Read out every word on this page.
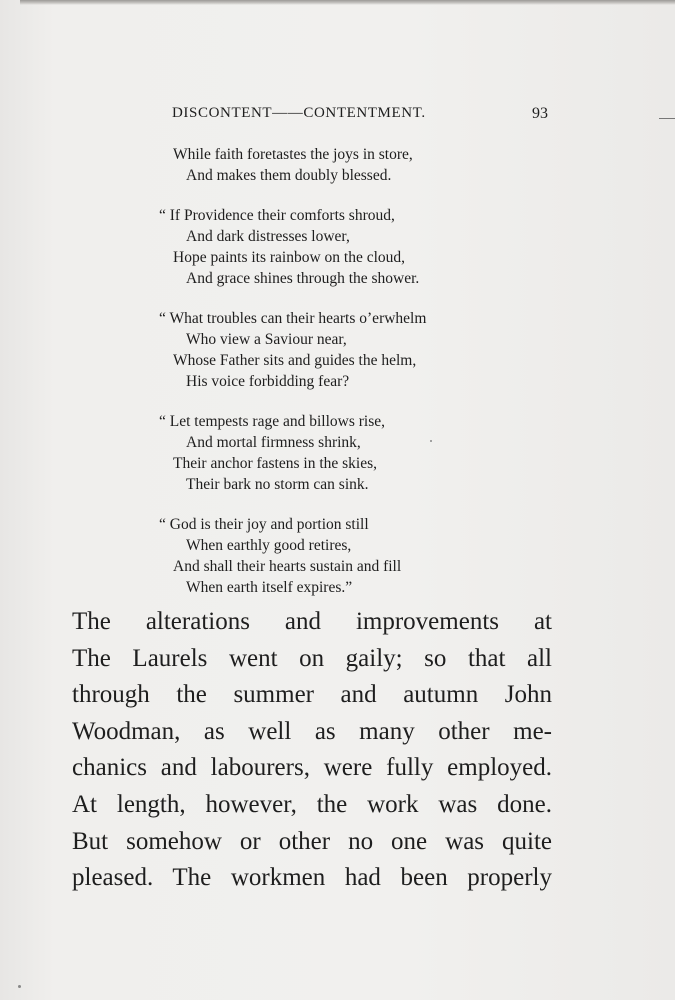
DISCONTENT——CONTENTMENT.	93
While faith foretastes the joys in store,
And makes them doubly blessed.
“ If Providence their comforts shroud,
And dark distresses lower,
Hope paints its rainbow on the cloud,
And grace shines through the shower.
“ What troubles can their hearts o’erwhelm
Who view a Saviour near,
Whose Father sits and guides the helm,
His voice forbidding fear?
“ Let tempests rage and billows rise,
And mortal firmness shrink,
Their anchor fastens in the skies,
Their bark no storm can sink.
“ God is their joy and portion still
When earthly good retires,
And shall their hearts sustain and fill
When earth itself expires.”
The alterations and improvements at
The Laurels went on gaily; so that all
through the summer and autumn John
Woodman, as well as many other me-
chanics and labourers, were fully employed.
At length, however, the work was done.
But somehow or other no one was quite
pleased. The workmen had been properly
